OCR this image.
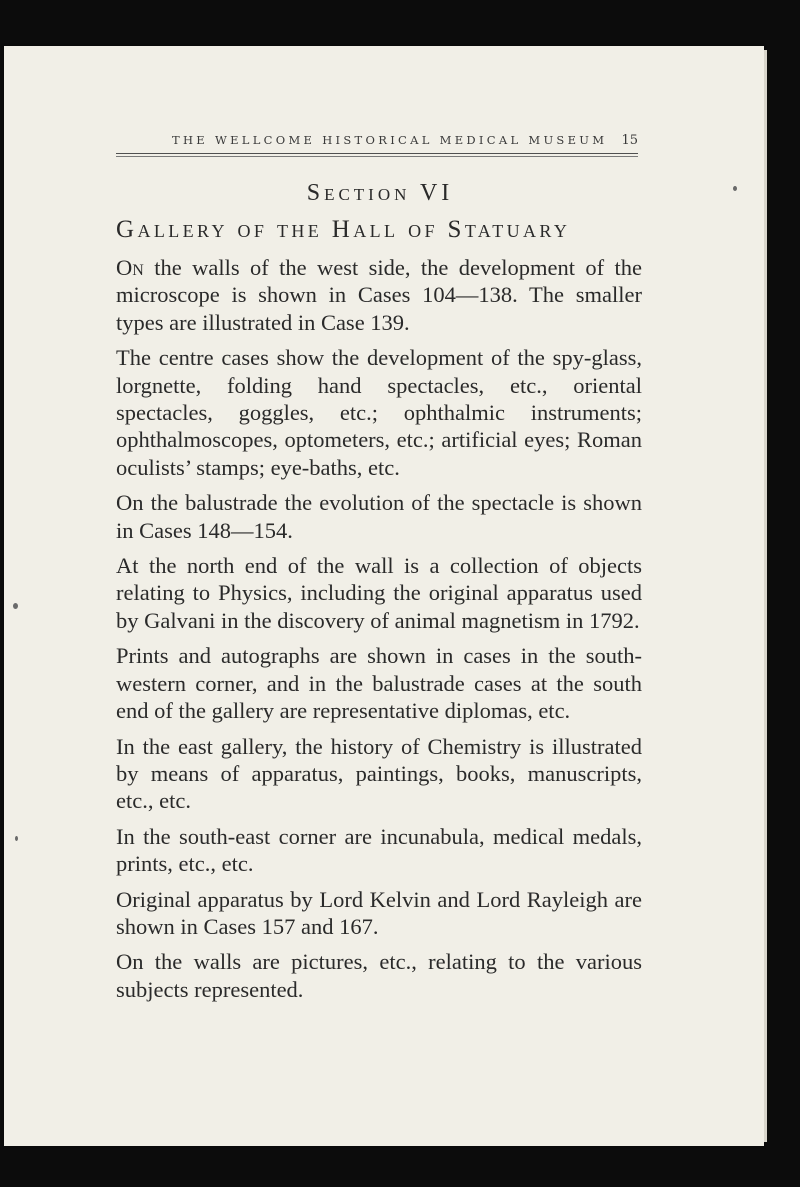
THE WELLCOME HISTORICAL MEDICAL MUSEUM 15
Section VI
Gallery of the Hall of Statuary

On the walls of the west side, the development of the microscope is shown in Cases 104—138. The smaller types are illustrated in Case 139.

The centre cases show the development of the spy-glass, lorgnette, folding hand spectacles, etc., oriental spectacles, goggles, etc.; ophthalmic instruments; ophthalmoscopes, optometers, etc.; artificial eyes; Roman oculists’ stamps; eye-baths, etc.

On the balustrade the evolution of the spectacle is shown in Cases 148—154.

At the north end of the wall is a collection of objects relating to Physics, including the original apparatus used by Galvani in the discovery of animal magnetism in 1792.

Prints and autographs are shown in cases in the south-western corner, and in the balustrade cases at the south end of the gallery are representative diplomas, etc.

In the east gallery, the history of Chemistry is illustrated by means of apparatus, paintings, books, manuscripts, etc., etc.

In the south-east corner are incunabula, medical medals, prints, etc., etc.

Original apparatus by Lord Kelvin and Lord Rayleigh are shown in Cases 157 and 167.

On the walls are pictures, etc., relating to the various subjects represented.
